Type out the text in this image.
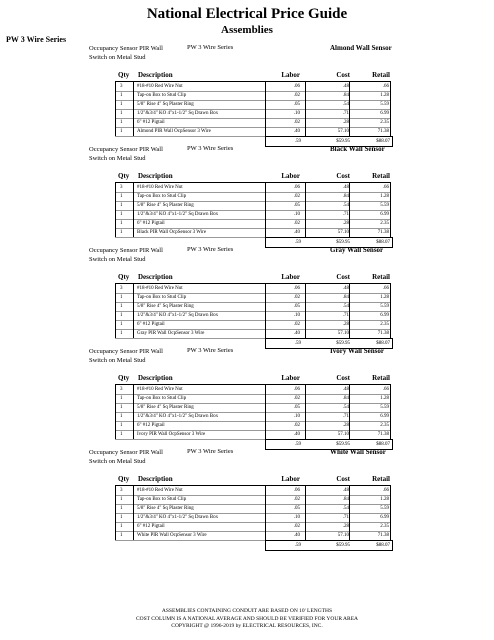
National Electrical Price Guide
Assemblies
PW 3 Wire Series
Occupancy Sensor PIR Wall
Switch on Metal Stud
PW 3 Wire Series	Almond Wall Sensor
Qty Description	Labor	Cost	Retail
3	#18-#10 Red Wire Nut	.06	.48	.66
1	Tap-on Box to Stud Clip	.02	.84	1.28
1	5/8" Rise 4" Sq Plaster Ring	.05	.54	5.59
1	1/2"&3/4" KO 4"x1-1/2" Sq Drawn Box	.10	.71	6.99
1	6" #12 Pigtail	.02	.28	2.35
1	Almond PIR Wall OcpSensor 3 Wire	.40	57.10	71.38
.59	$59.95	$88.07
Occupancy Sensor PIR Wall
Switch on Metal Stud
PW 3 Wire Series	Black Wall Sensor
Qty Description	Labor	Cost	Retail
3	#18-#10 Red Wire Nut	.06	.48	.66
1	Tap-on Box to Stud Clip	.02	.84	1.28
1	5/8" Rise 4" Sq Plaster Ring	.05	.54	5.59
1	1/2"&3/4" KO 4"x1-1/2" Sq Drawn Box	.10	.71	6.99
1	6" #12 Pigtail	.02	.28	2.35
1	Black PIR Wall OcpSensor 3 Wire	.40	57.10	71.38
.59	$59.95	$88.07
Occupancy Sensor PIR Wall
Switch on Metal Stud
PW 3 Wire Series	Gray Wall Sensor
Qty Description	Labor	Cost	Retail
3	#18-#10 Red Wire Nut	.06	.48	.66
1	Tap-on Box to Stud Clip	.02	.84	1.28
1	5/8" Rise 4" Sq Plaster Ring	.05	.54	5.59
1	1/2"&3/4" KO 4"x1-1/2" Sq Drawn Box	.10	.71	6.99
1	6" #12 Pigtail	.02	.28	2.35
1	Gray PIR Wall OcpSensor 3 Wire	.40	57.10	71.38
.59	$59.95	$88.07
Occupancy Sensor PIR Wall
Switch on Metal Stud
PW 3 Wire Series	Ivory Wall Sensor
Qty Description	Labor	Cost	Retail
3	#18-#10 Red Wire Nut	.06	.48	.66
1	Tap-on Box to Stud Clip	.02	.84	1.28
1	5/8" Rise 4" Sq Plaster Ring	.05	.54	5.59
1	1/2"&3/4" KO 4"x1-1/2" Sq Drawn Box	.10	.71	6.99
1	6" #12 Pigtail	.02	.28	2.35
1	Ivory PIR Wall OcpSensor 3 Wire	.40	57.10	71.38
.59	$59.95	$88.07
Occupancy Sensor PIR Wall
Switch on Metal Stud
PW 3 Wire Series	White Wall Sensor
Qty Description	Labor	Cost	Retail
3	#18-#10 Red Wire Nut	.06	.48	.66
1	Tap-on Box to Stud Clip	.02	.84	1.28
1	5/8" Rise 4" Sq Plaster Ring	.05	.54	5.59
1	1/2"&3/4" KO 4"x1-1/2" Sq Drawn Box	.10	.71	6.99
1	6" #12 Pigtail	.02	.28	2.35
1	White PIR Wall OcpSensor 3 Wire	.40	57.10	71.38
.59	$59.95	$88.07
ASSEMBLIES CONTAINING CONDUIT ARE BASED ON 10' LENGTHS
COST COLUMN IS A NATIONAL AVERAGE AND SHOULD BE VERIFIED FOR YOUR AREA
COPYRIGHT @ 1996-2019 by ELECTRICAL RESOURCES, INC.
